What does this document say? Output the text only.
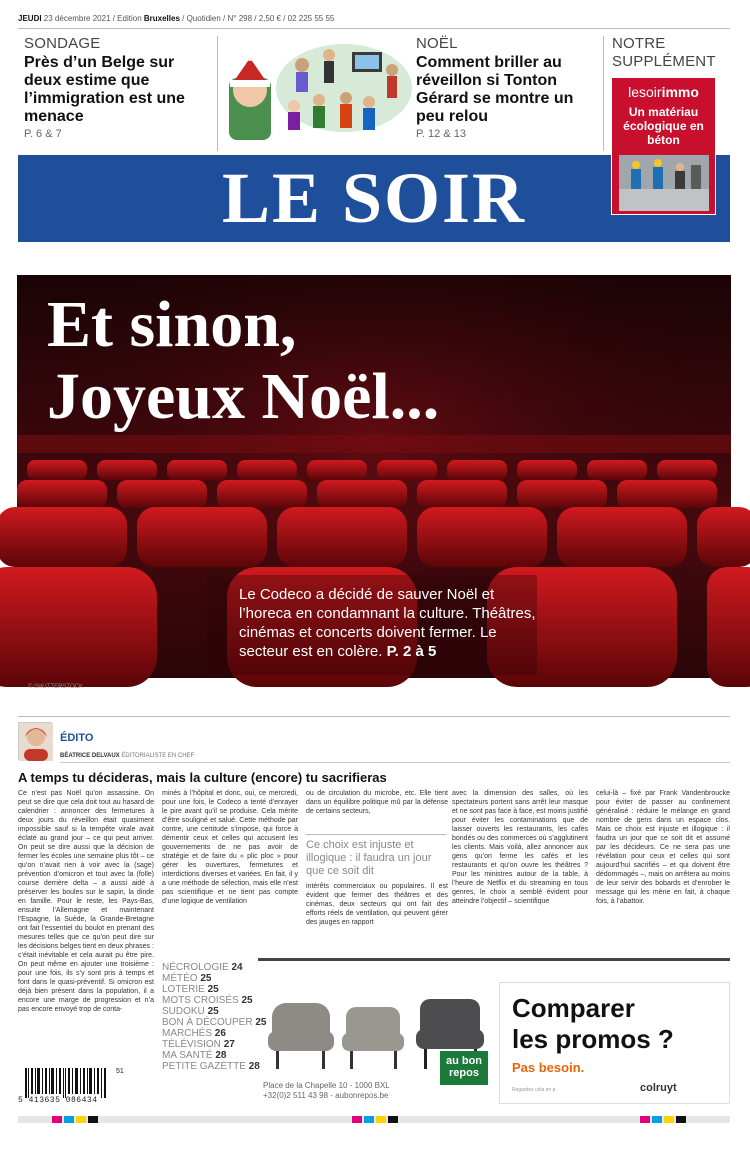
JEUDI 23 décembre 2021 / Edition Bruxelles / Quotidien / N° 298 / 2,50 € / 02 225 55 55
SONDAGE
Près d’un Belge sur deux estime que l’immigration est une menace
P. 6 & 7
NOËL
Comment briller au réveillon si Tonton Gérard se montre un peu relou
P. 12 & 13
NOTRE SUPPLÉMENT
LE SOIR
lesoirimmo
Un matériau écologique en béton
Et sinon,
Joyeux Noël...
Le Codeco a décidé de sauver Noël et l’horeca en condamnant la culture. Théâtres, cinémas et concerts doivent fermer. Le secteur est en colère. P. 2 à 5
© SHUTTERSTOCK
ÉDITO
BÉATRICE DELVAUX ÉDITORIALISTE EN CHEF
A temps tu décideras, mais la culture (encore) tu sacrifieras
Ce n’est pas Noël qu’on assassine. On peut se dire que cela doit tout au hasard de calendrier : annoncer des fermetures à deux jours du réveillon était quasiment impossible sauf si la tempête virale avait éclaté au grand jour – ce qui peut arriver. On peut se dire aussi que la décision de fermer les écoles une semaine plus tôt – ce qu’on n’avait rien à voir avec la (sage) prévention d’omicron et tout avec la (folle) course derrière delta – a aussi aidé à préserver les boules sur le sapin, la dinde en famille. Pour le reste, les Pays-Bas, ensuite l’Allemagne et maintenant l’Espagne, la Suède, la Grande-Bretagne ont fait l’essentiel du boulot en prenant des mesures telles que ce qu’on peut dire sur les décisions belges tient en deux phrases : c’était inévitable et cela aurait pu être pire. On peut même en ajouter une troisième : pour une fois, ils s’y sont pris à temps et font dans le quasi-préventif. Si omicron est déjà bien présent dans la population, il a encore une marge de progression et n’a pas encore envoyé trop de conta-
minés à l’hôpital et donc, oui, ce mercredi, pour une fois, le Codeco a tenté d’enrayer le pire avant qu’il se produise. Cela mérite d’être souligné et salué. Cette méthode par contre, une certitude s’impose, qui force à démentir ceux et celles qui accusent les gouvernements de ne pas avoir de stratégie et de faire du « plic ploc » pour gérer les ouvertures, fermetures et interdictions diverses et variées. En fait, il y a une méthode de sélection, mais elle n’est pas scientifique et ne tient pas compte d’une logique de ventilation
ou de circulation du microbe, etc. Elle tient dans un équilibre politique mû par la défense de certains secteurs,
Ce choix est injuste et illogique : il faudra un jour que ce soit dit
intérêts commerciaux ou populaires. Il est évident que fermer des théâtres et des cinémas, deux secteurs qui ont fait des efforts réels de ventilation, qui peuvent gérer des jauges en rapport
avec la dimension des salles, où les spectateurs portent sans arrêt leur masque et ne sont pas face à face, est moins justifié pour éviter les contaminations que de laisser ouverts les restaurants, les cafés bondés ou des commerces où s’agglutinent les clients. Mais voilà, allez annoncer aux gens qu’on ferme les cafés et les restaurants et qu’on ouvre les théâtres ? Pour les ministres autour de la table, à l’heure de Netflix et du streaming en tous genres, le choix a semblé évident pour atteindre l’objectif – scientifique
celui-là – fixé par Frank Vandenbroucke pour éviter de passer au confinement généralisé : réduire le mélange en grand nombre de gens dans un espace clos. Mais ce choix est injuste et illogique : il faudra un jour que ce soit dit et assumé par les décideurs. Ce ne sera pas une révélation pour ceux et celles qui sont aujourd’hui sacrifiés – et qui doivent être dédommagés –, mais on arrêtera au moins de leur servir des bobards et d’enrober le message qui les mène en fait, à chaque fois, à l’abattoir.
NÉCROLOGIE 24
MÉTÉO 25
LOTERIE 25
MOTS CROISÉS 25
SUDOKU 25
BON À DÉCOUPER 25
MARCHÉS 26
TÉLÉVISION 27
MA SANTÉ 28
PETITE GAZETTE 28	au bon repos
Place de la Chapelle 10 - 1000 BXL
+32(0)2 511 43 98 - aubonrepos.be
Comparer
les promos ?
Pas besoin.
Regardez cela en p.	colruyt
5 413635 086434
51
